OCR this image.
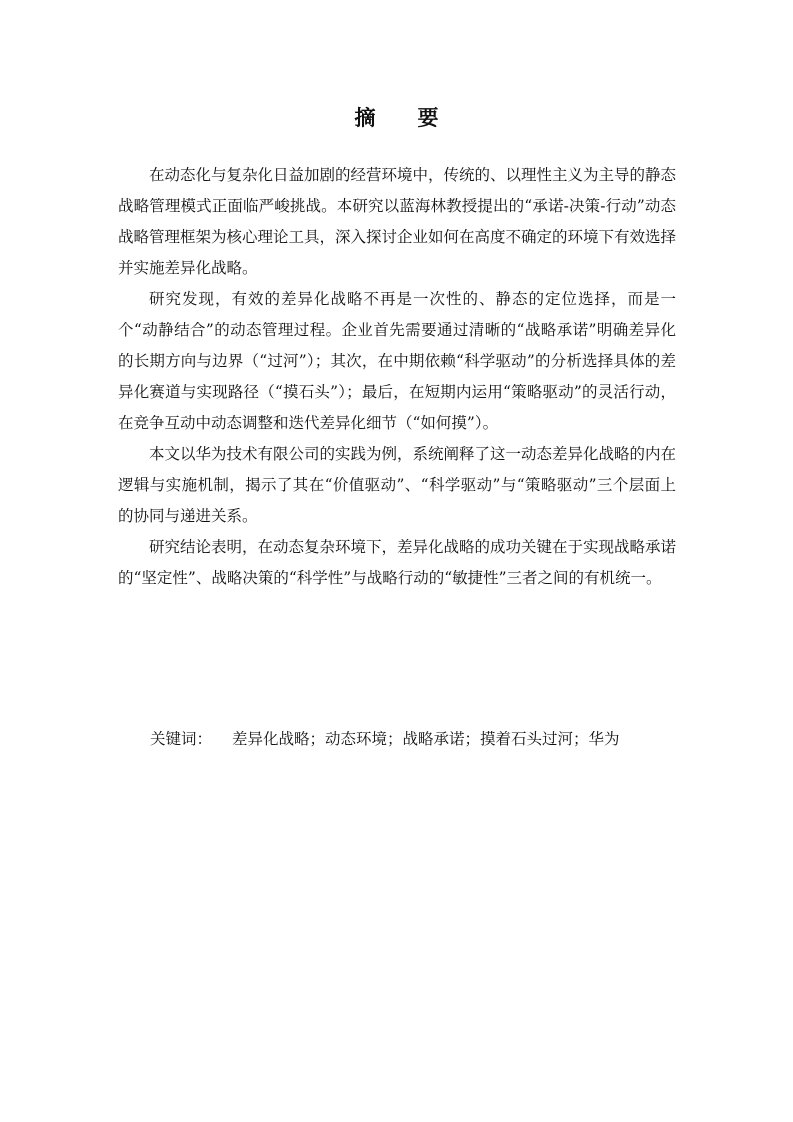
摘　要

在动态化与复杂化日益加剧的经营环境中，传统的、以理性主义为主导的静态战略管理模式正面临严峻挑战。本研究以蓝海林教授提出的“承诺-决策-行动”动态战略管理框架为核心理论工具，深入探讨企业如何在高度不确定的环境下有效选择并实施差异化战略。

研究发现，有效的差异化战略不再是一次性的、静态的定位选择，而是一个“动静结合”的动态管理过程。企业首先需要通过清晰的“战略承诺”明确差异化的长期方向与边界（“过河”）；其次，在中期依赖“科学驱动”的分析选择具体的差异化赛道与实现路径（“摸石头”）；最后，在短期内运用“策略驱动”的灵活行动，在竞争互动中动态调整和迭代差异化细节（“如何摸”）。

本文以华为技术有限公司的实践为例，系统阐释了这一动态差异化战略的内在逻辑与实施机制，揭示了其在“价值驱动”、“科学驱动”与“策略驱动”三个层面上的协同与递进关系。

研究结论表明，在动态复杂环境下，差异化战略的成功关键在于实现战略承诺的“坚定性”、战略决策的“科学性”与战略行动的“敏捷性”三者之间的有机统一。

关键词： 差异化战略；动态环境；战略承诺；摸着石头过河；华为
